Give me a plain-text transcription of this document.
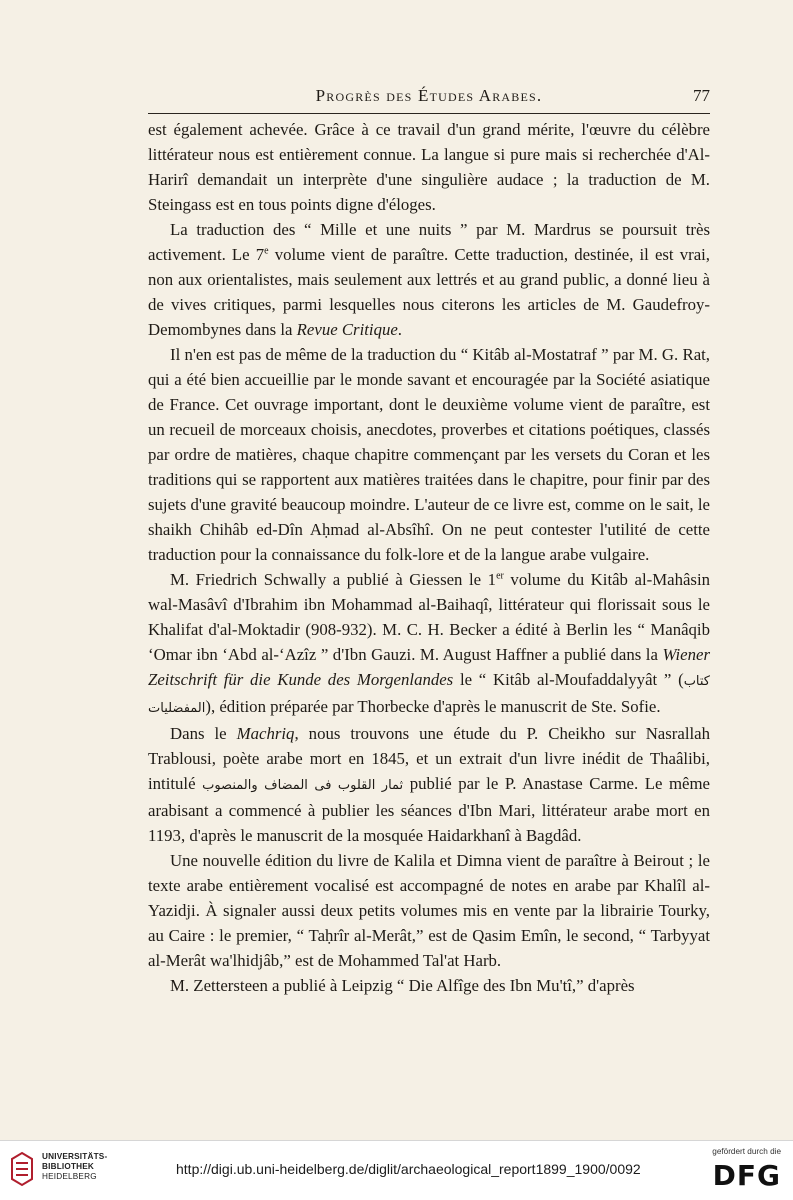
Progrès des Études Arabes.	77

est également achevée. Grâce à ce travail d'un grand mérite, l'œuvre du célèbre littérateur nous est entièrement connue. La langue si pure mais si recherchée d'Al-Harirî demandait un interprète d'une singulière audace ; la traduction de M. Steingass est en tous points digne d'éloges.

La traduction des “ Mille et une nuits ” par M. Mardrus se poursuit très activement. Le 7e volume vient de paraître. Cette traduction, destinée, il est vrai, non aux orientalistes, mais seulement aux lettrés et au grand public, a donné lieu à de vives critiques, parmi lesquelles nous citerons les articles de M. Gaudefroy-Demombynes dans la Revue Critique.

Il n'en est pas de même de la traduction du “ Kitâb al-Mostatraf ” par M. G. Rat, qui a été bien accueillie par le monde savant et encouragée par la Société asiatique de France. Cet ouvrage important, dont le deuxième volume vient de paraître, est un recueil de morceaux choisis, anecdotes, proverbes et citations poétiques, classés par ordre de matières, chaque chapitre commençant par les versets du Coran et les traditions qui se rapportent aux matières traitées dans le chapitre, pour finir par des sujets d'une gravité beaucoup moindre. L'auteur de ce livre est, comme on le sait, le shaikh Chihâb ed-Dîn Aḥmad al-Absîhî. On ne peut contester l'utilité de cette traduction pour la connaissance du folk-lore et de la langue arabe vulgaire.

M. Friedrich Schwally a publié à Giessen le 1er volume du Kitâb al-Mahâsin wal-Masâvî d'Ibrahim ibn Mohammad al-Baihaqî, littérateur qui florissait sous le Khalifat d'al-Moktadir (908-932). M. C. H. Becker a édité à Berlin les “ Manâqib ‘Omar ibn ‘Abd al-‘Azîz ” d'Ibn Gauzi. M. August Haffner a publié dans la Wiener Zeitschrift für die Kunde des Morgenlandes le “ Kitâb al-Moufaddalyyât ” (كتاب المفضليات), édition préparée par Thorbecke d'après le manuscrit de Ste. Sofie.

Dans le Machriq, nous trouvons une étude du P. Cheikho sur Nasrallah Trablousi, poète arabe mort en 1845, et un extrait d'un livre inédit de Thaâlibi, intitulé ثمار القلوب فى المضاف والمنصوب publié par le P. Anastase Carme. Le même arabisant a commencé à publier les séances d'Ibn Mari, littérateur arabe mort en 1193, d'après le manuscrit de la mosquée Haidarkhanî à Bagdâd.

Une nouvelle édition du livre de Kalila et Dimna vient de paraître à Beirout ; le texte arabe entièrement vocalisé est accompagné de notes en arabe par Khalîl al-Yazidji. À signaler aussi deux petits volumes mis en vente par la librairie Tourky, au Caire : le premier, “ Taḥrîr al-Merât,” est de Qasim Emîn, le second, “ Tarbyyat al-Merât wa'lhidjâb,” est de Mohammed Tal'at Harb.

M. Zettersteen a publié à Leipzig “ Die Alfîge des Ibn Mu'tî,” d'après

UNIVERSITÄTS-
BIBLIOTHEK
HEIDELBERG	http://digi.ub.uni-heidelberg.de/diglit/archaeological_report1899_1900/0092
gefördert durch die
DFG
